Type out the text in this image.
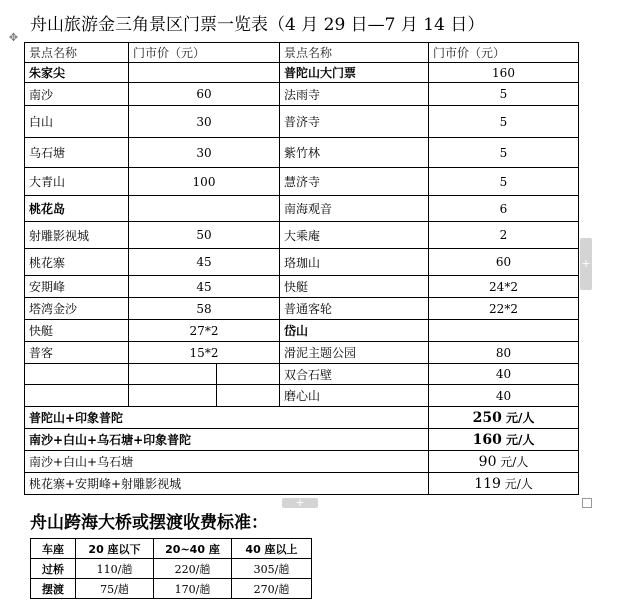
舟山旅游金三角景区门票一览表（4 月 29 日—7 月 14 日）
✥
景点名称	门市价（元）		景点名称	门市价（元）
朱家尖			普陀山大门票	160
南沙	60		法雨寺	5
白山	30		普济寺	5
乌石塘	30		紫竹林	5
大青山	100		慧济寺	5
桃花岛			南海观音	6
射雕影视城	50		大乘庵	2
桃花寨	45		珞珈山	60
安期峰	45		快艇	24*2
塔湾金沙	58		普通客轮	22*2
快艇	27*2		岱山	
普客	15*2		滑泥主题公园	80
			双合石壁	40
			磨心山	40
普陀山+印象普陀				250 元/人
南沙+白山+乌石塘+印象普陀				160 元/人
南沙+白山+乌石塘				90 元/人
桃花寨+安期峰+射雕影视城				119 元/人
+
+
舟山跨海大桥或摆渡收费标准：
车座	20 座以下	20~40 座	40 座以上
过桥	110/趟	220/趟	305/趟
摆渡	75/趟	170/趟	270/趟
